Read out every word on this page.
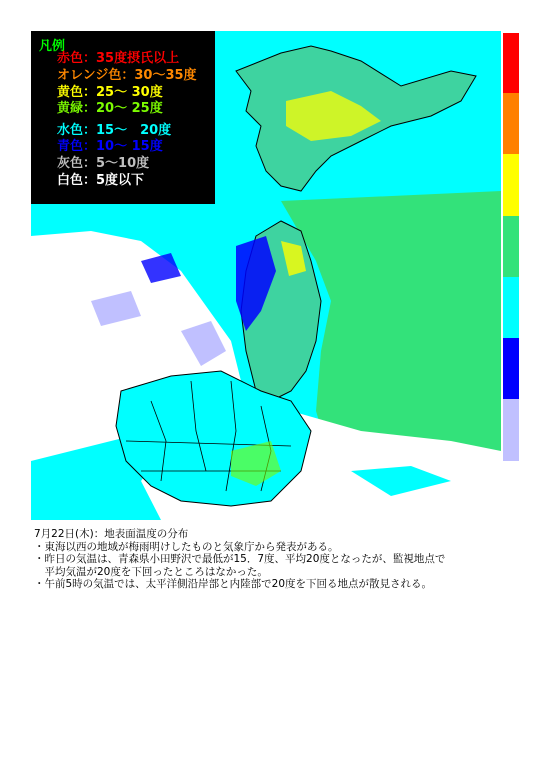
凡例
赤色：35度摂氏以上
オレンジ色：30～35度
黄色：25～ 30度
黄緑：20～ 25度
水色：15～　20度
青色：10～ 15度
灰色：5～10度
白色：5度以下
7月22日(木)：地表面温度の分布
・東海以西の地域が梅雨明けしたものと気象庁から発表がある。
・昨日の気温は、青森県小田野沢で最低が15．7度、平均20度となったが、監視地点で
　平均気温が20度を下回ったところはなかった。
・午前5時の気温では、太平洋側沿岸部と内陸部で20度を下回る地点が散見される。
